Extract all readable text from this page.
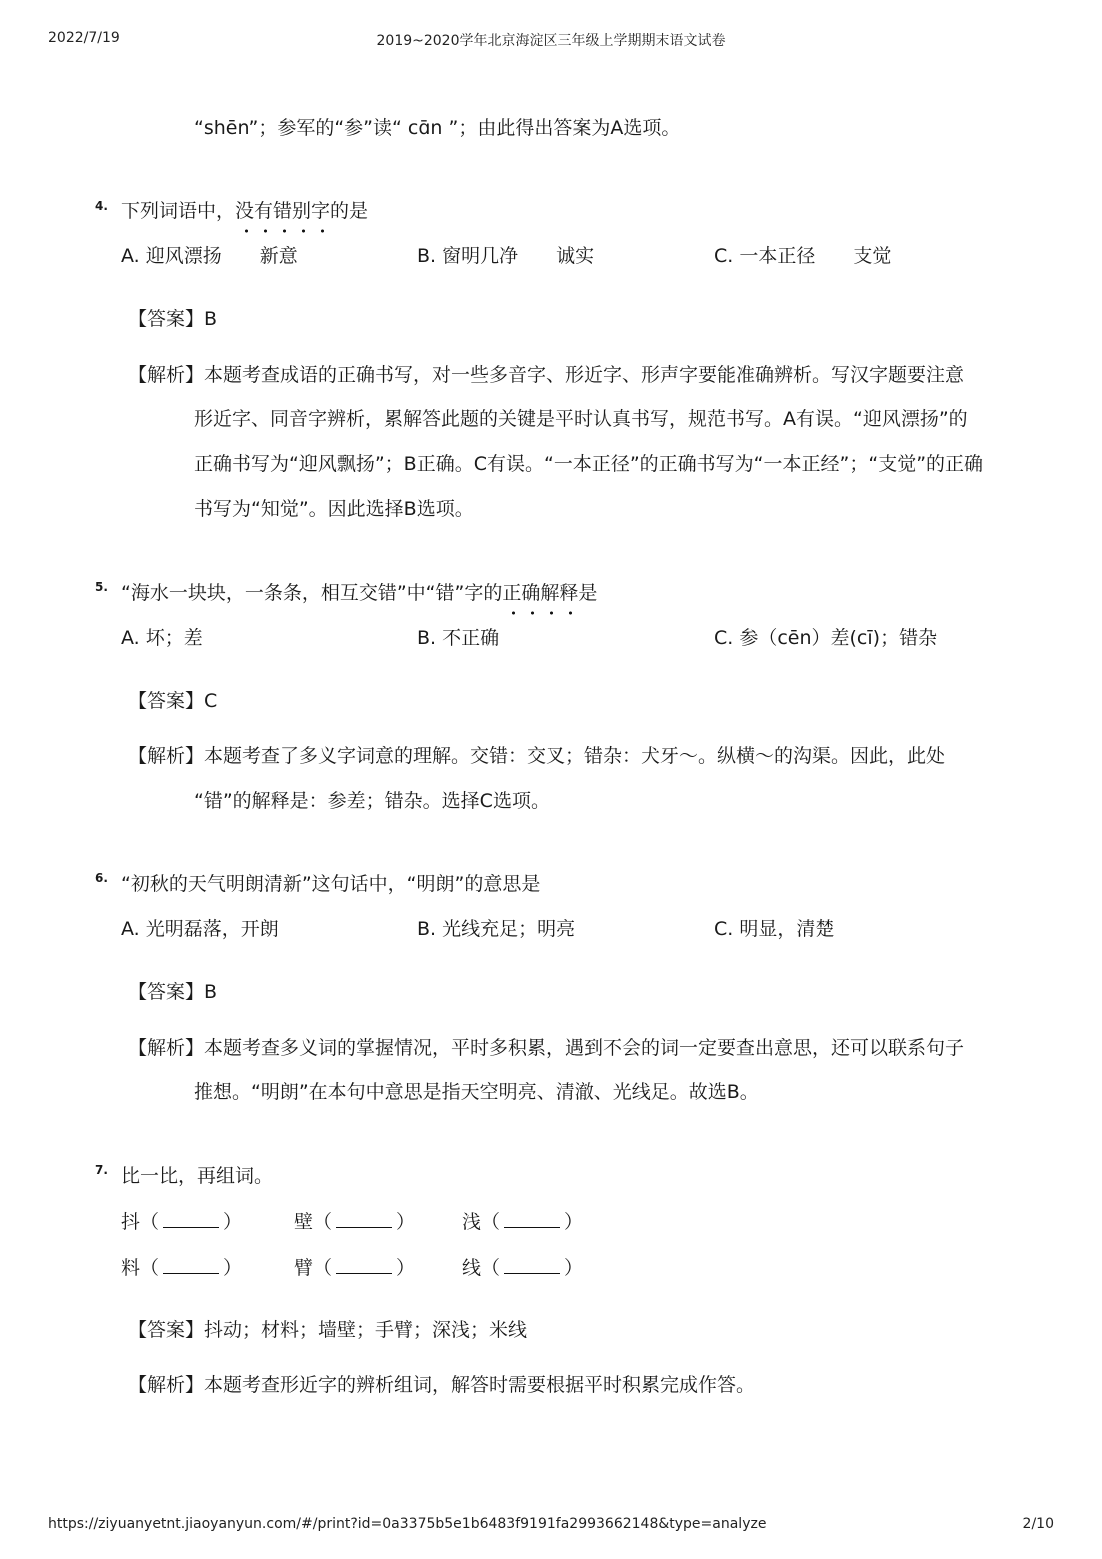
2022/7/19	2019~2020学年北京海淀区三年级上学期期末语文试卷
“shēn”；参军的“参”读“ cɑ̄n ”；由此得出答案为A选项。
4. 下列词语中，没有错别字的是
A. 迎风漂扬　　新意	B. 窗明几净　　诚实	C. 一本正径　　支觉
【答案】B
【解析】本题考查成语的正确书写，对一些多音字、形近字、形声字要能准确辨析。写汉字题要注意
形近字、同音字辨析，累解答此题的关键是平时认真书写，规范书写。A有误。“迎风漂扬”的
正确书写为“迎风飘扬”；B正确。C有误。“一本正径”的正确书写为“一本正经”；“支觉”的正确
书写为“知觉”。因此选择B选项。
5. “海水一块块，一条条，相互交错”中“错”字的正确解释是
A. 坏；差	B. 不正确	C. 参（cēn）差(cī)；错杂
【答案】C
【解析】本题考查了多义字词意的理解。交错：交叉；错杂：犬牙～。纵横～的沟渠。因此，此处
“错”的解释是：参差；错杂。选择C选项。
6. “初秋的天气明朗清新”这句话中，“明朗”的意思是
A. 光明磊落，开朗	B. 光线充足；明亮	C. 明显，清楚
【答案】B
【解析】本题考查多义词的掌握情况，平时多积累，遇到不会的词一定要查出意思，还可以联系句子
推想。“明朗”在本句中意思是指天空明亮、清澈、光线足。故选B。
7. 比一比，再组词。
抖（	）	壁（	） 浅（	）
料（	）	臂（	） 线（	）
【答案】抖动；材料；墙壁；手臂；深浅；米线
【解析】本题考查形近字的辨析组词，解答时需要根据平时积累完成作答。
https://ziyuanyetnt.jiaoyanyun.com/#/print?id=0a3375b5e1b6483f9191fa2993662148&type=analyze	2/10
